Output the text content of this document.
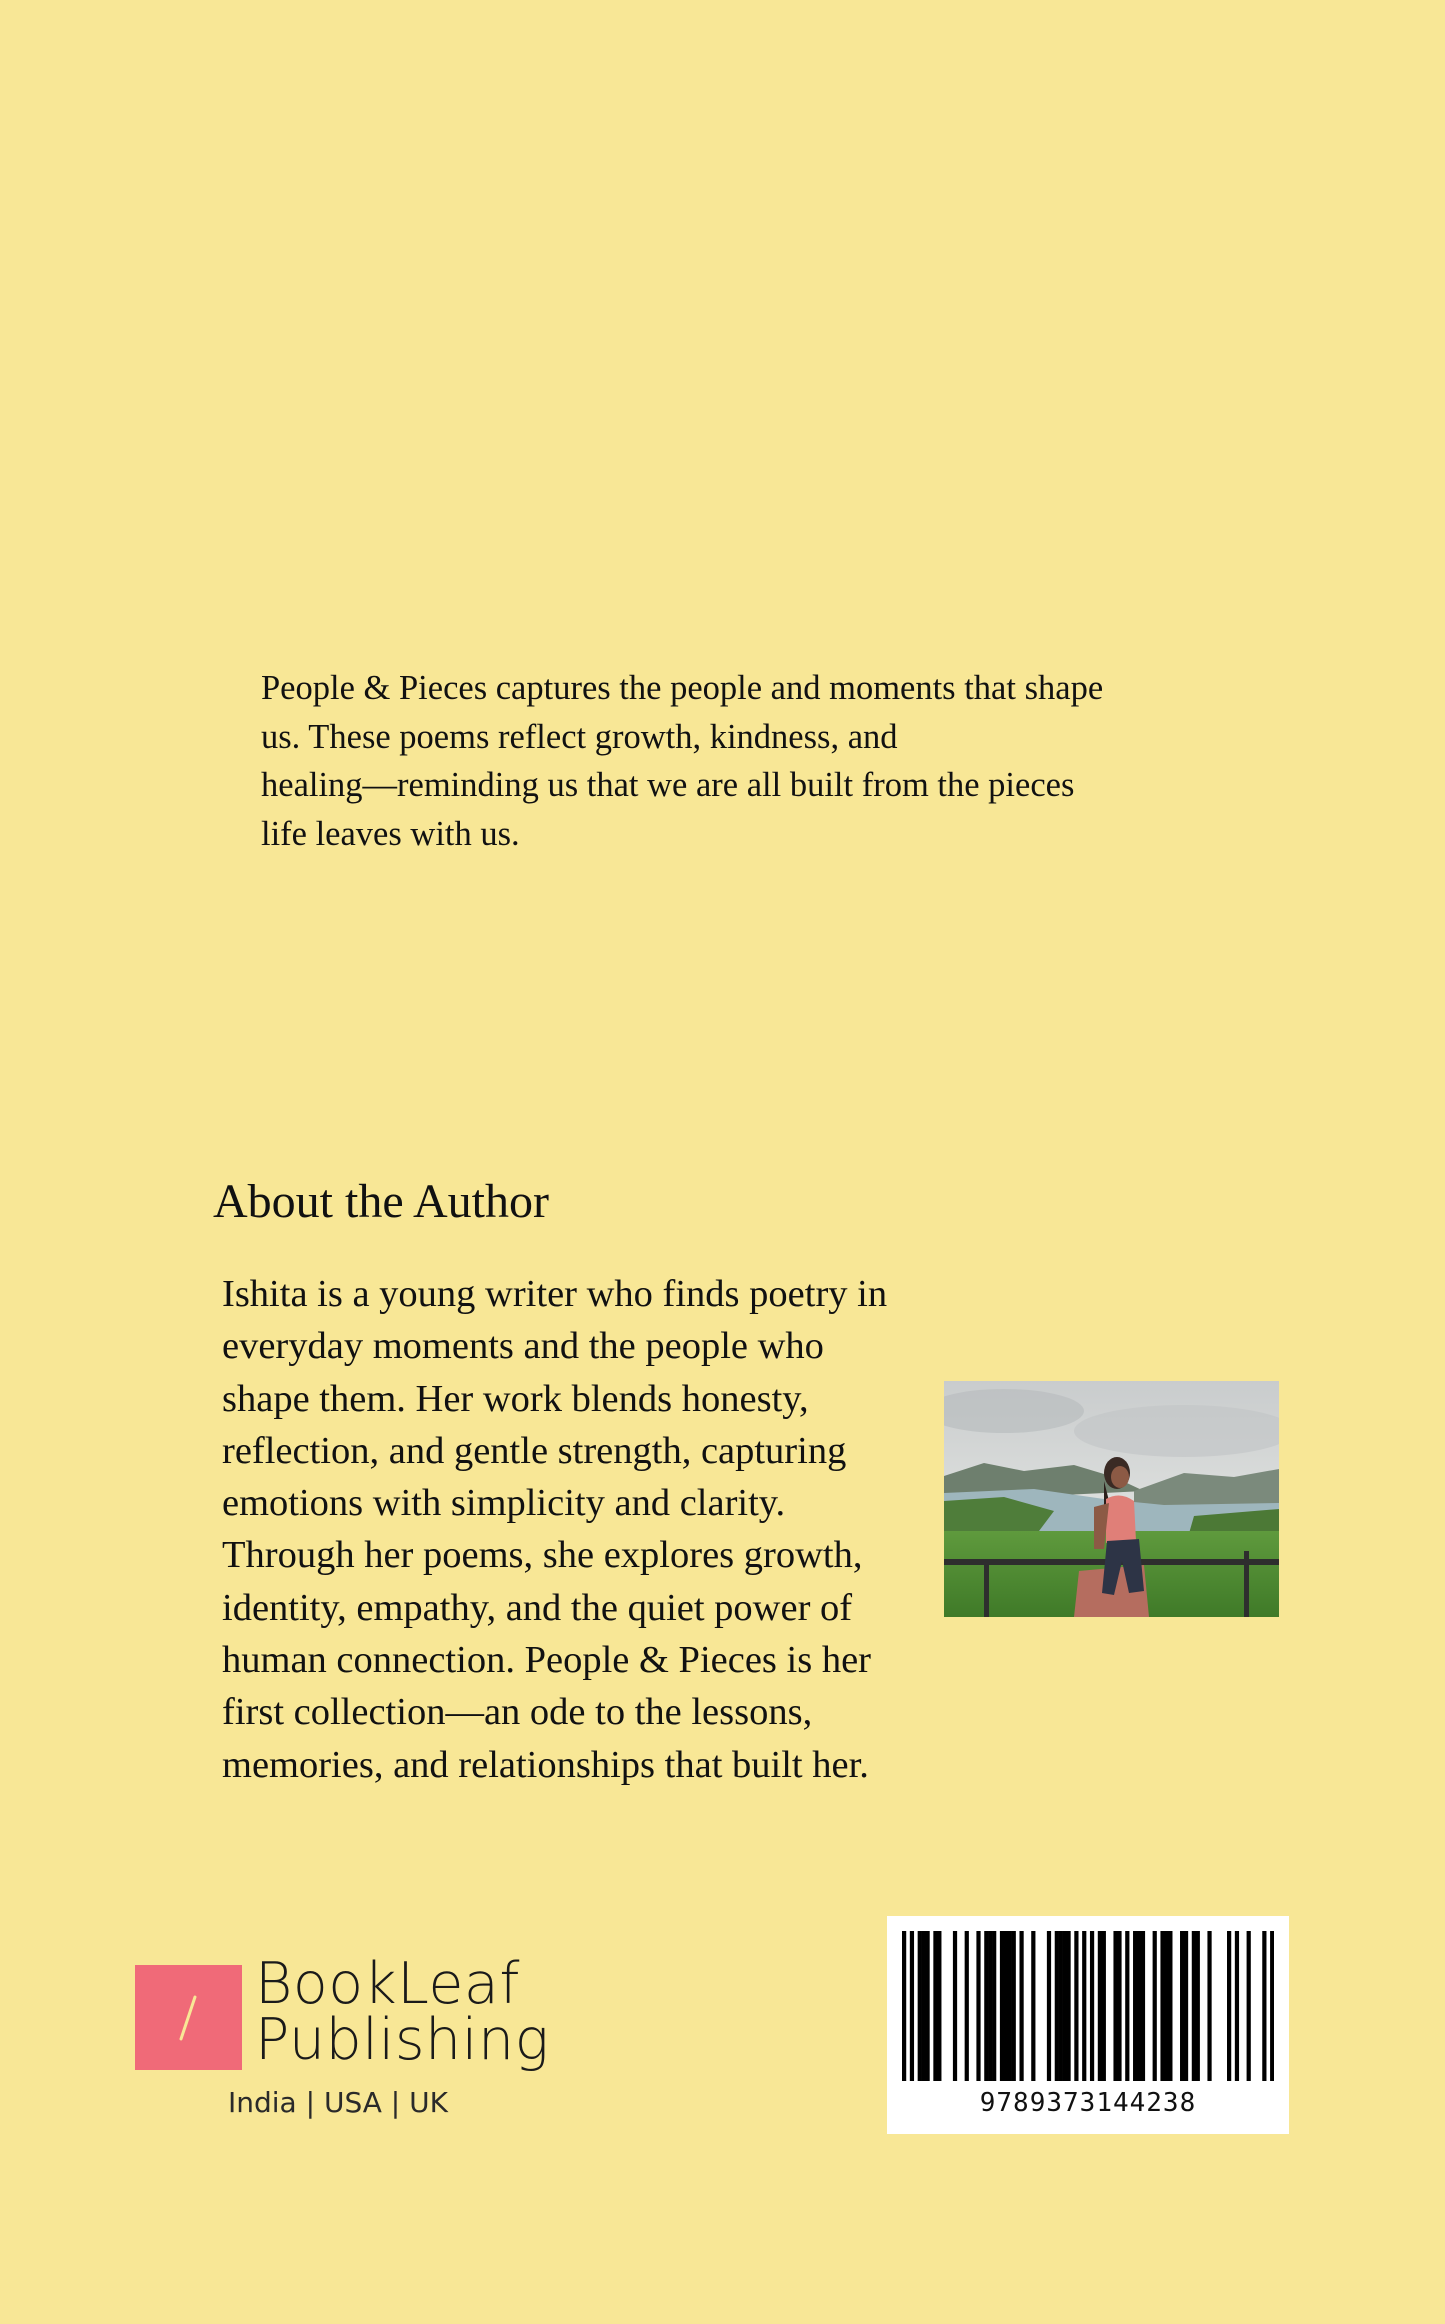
People & Pieces captures the people and moments that shape
us. These poems reflect growth, kindness, and
healing—reminding us that we are all built from the pieces
life leaves with us.

About the Author

Ishita is a young writer who finds poetry in
everyday moments and the people who
shape them. Her work blends honesty,
reflection, and gentle strength, capturing
emotions with simplicity and clarity.
Through her poems, she explores growth,
identity, empathy, and the quiet power of
human connection. People & Pieces is her
first collection—an ode to the lessons,
memories, and relationships that built her.

BookLeaf
Publishing
India | USA | UK	9789373144238
